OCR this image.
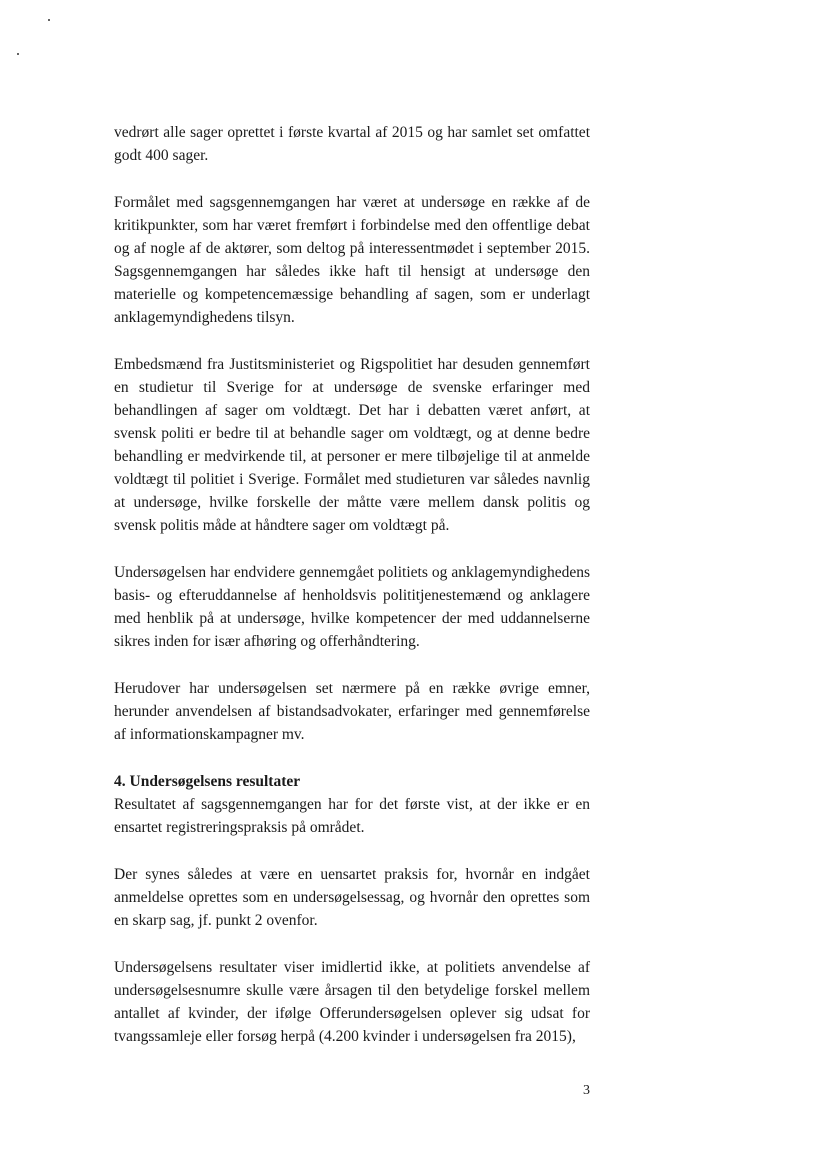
vedrørt alle sager oprettet i første kvartal af 2015 og har samlet set omfattet godt 400 sager.

Formålet med sagsgennemgangen har været at undersøge en række af de kritikpunkter, som har været fremført i forbindelse med den offentlige debat og af nogle af de aktører, som deltog på interessentmødet i september 2015. Sagsgennemgangen har således ikke haft til hensigt at undersøge den materielle og kompetencemæssige behandling af sagen, som er underlagt anklagemyndighedens tilsyn.

Embedsmænd fra Justitsministeriet og Rigspolitiet har desuden gennemført en studietur til Sverige for at undersøge de svenske erfaringer med behandlingen af sager om voldtægt. Det har i debatten været anført, at svensk politi er bedre til at behandle sager om voldtægt, og at denne bedre behandling er medvirkende til, at personer er mere tilbøjelige til at anmelde voldtægt til politiet i Sverige. Formålet med studieturen var således navnlig at undersøge, hvilke forskelle der måtte være mellem dansk politis og svensk politis måde at håndtere sager om voldtægt på.

Undersøgelsen har endvidere gennemgået politiets og anklagemyndighedens basis- og efteruddannelse af henholdsvis polititjenestemænd og anklagere med henblik på at undersøge, hvilke kompetencer der med uddannelserne sikres inden for især afhøring og offerhåndtering.

Herudover har undersøgelsen set nærmere på en række øvrige emner, herunder anvendelsen af bistandsadvokater, erfaringer med gennemførelse af informationskampagner mv.

4. Undersøgelsens resultater

Resultatet af sagsgennemgangen har for det første vist, at der ikke er en ensartet registreringspraksis på området.

Der synes således at være en uensartet praksis for, hvornår en indgået anmeldelse oprettes som en undersøgelsessag, og hvornår den oprettes som en skarp sag, jf. punkt 2 ovenfor.

Undersøgelsens resultater viser imidlertid ikke, at politiets anvendelse af undersøgelsesnumre skulle være årsagen til den betydelige forskel mellem antallet af kvinder, der ifølge Offerundersøgelsen oplever sig udsat for tvangssamleje eller forsøg herpå (4.200 kvinder i undersøgelsen fra 2015),

3
